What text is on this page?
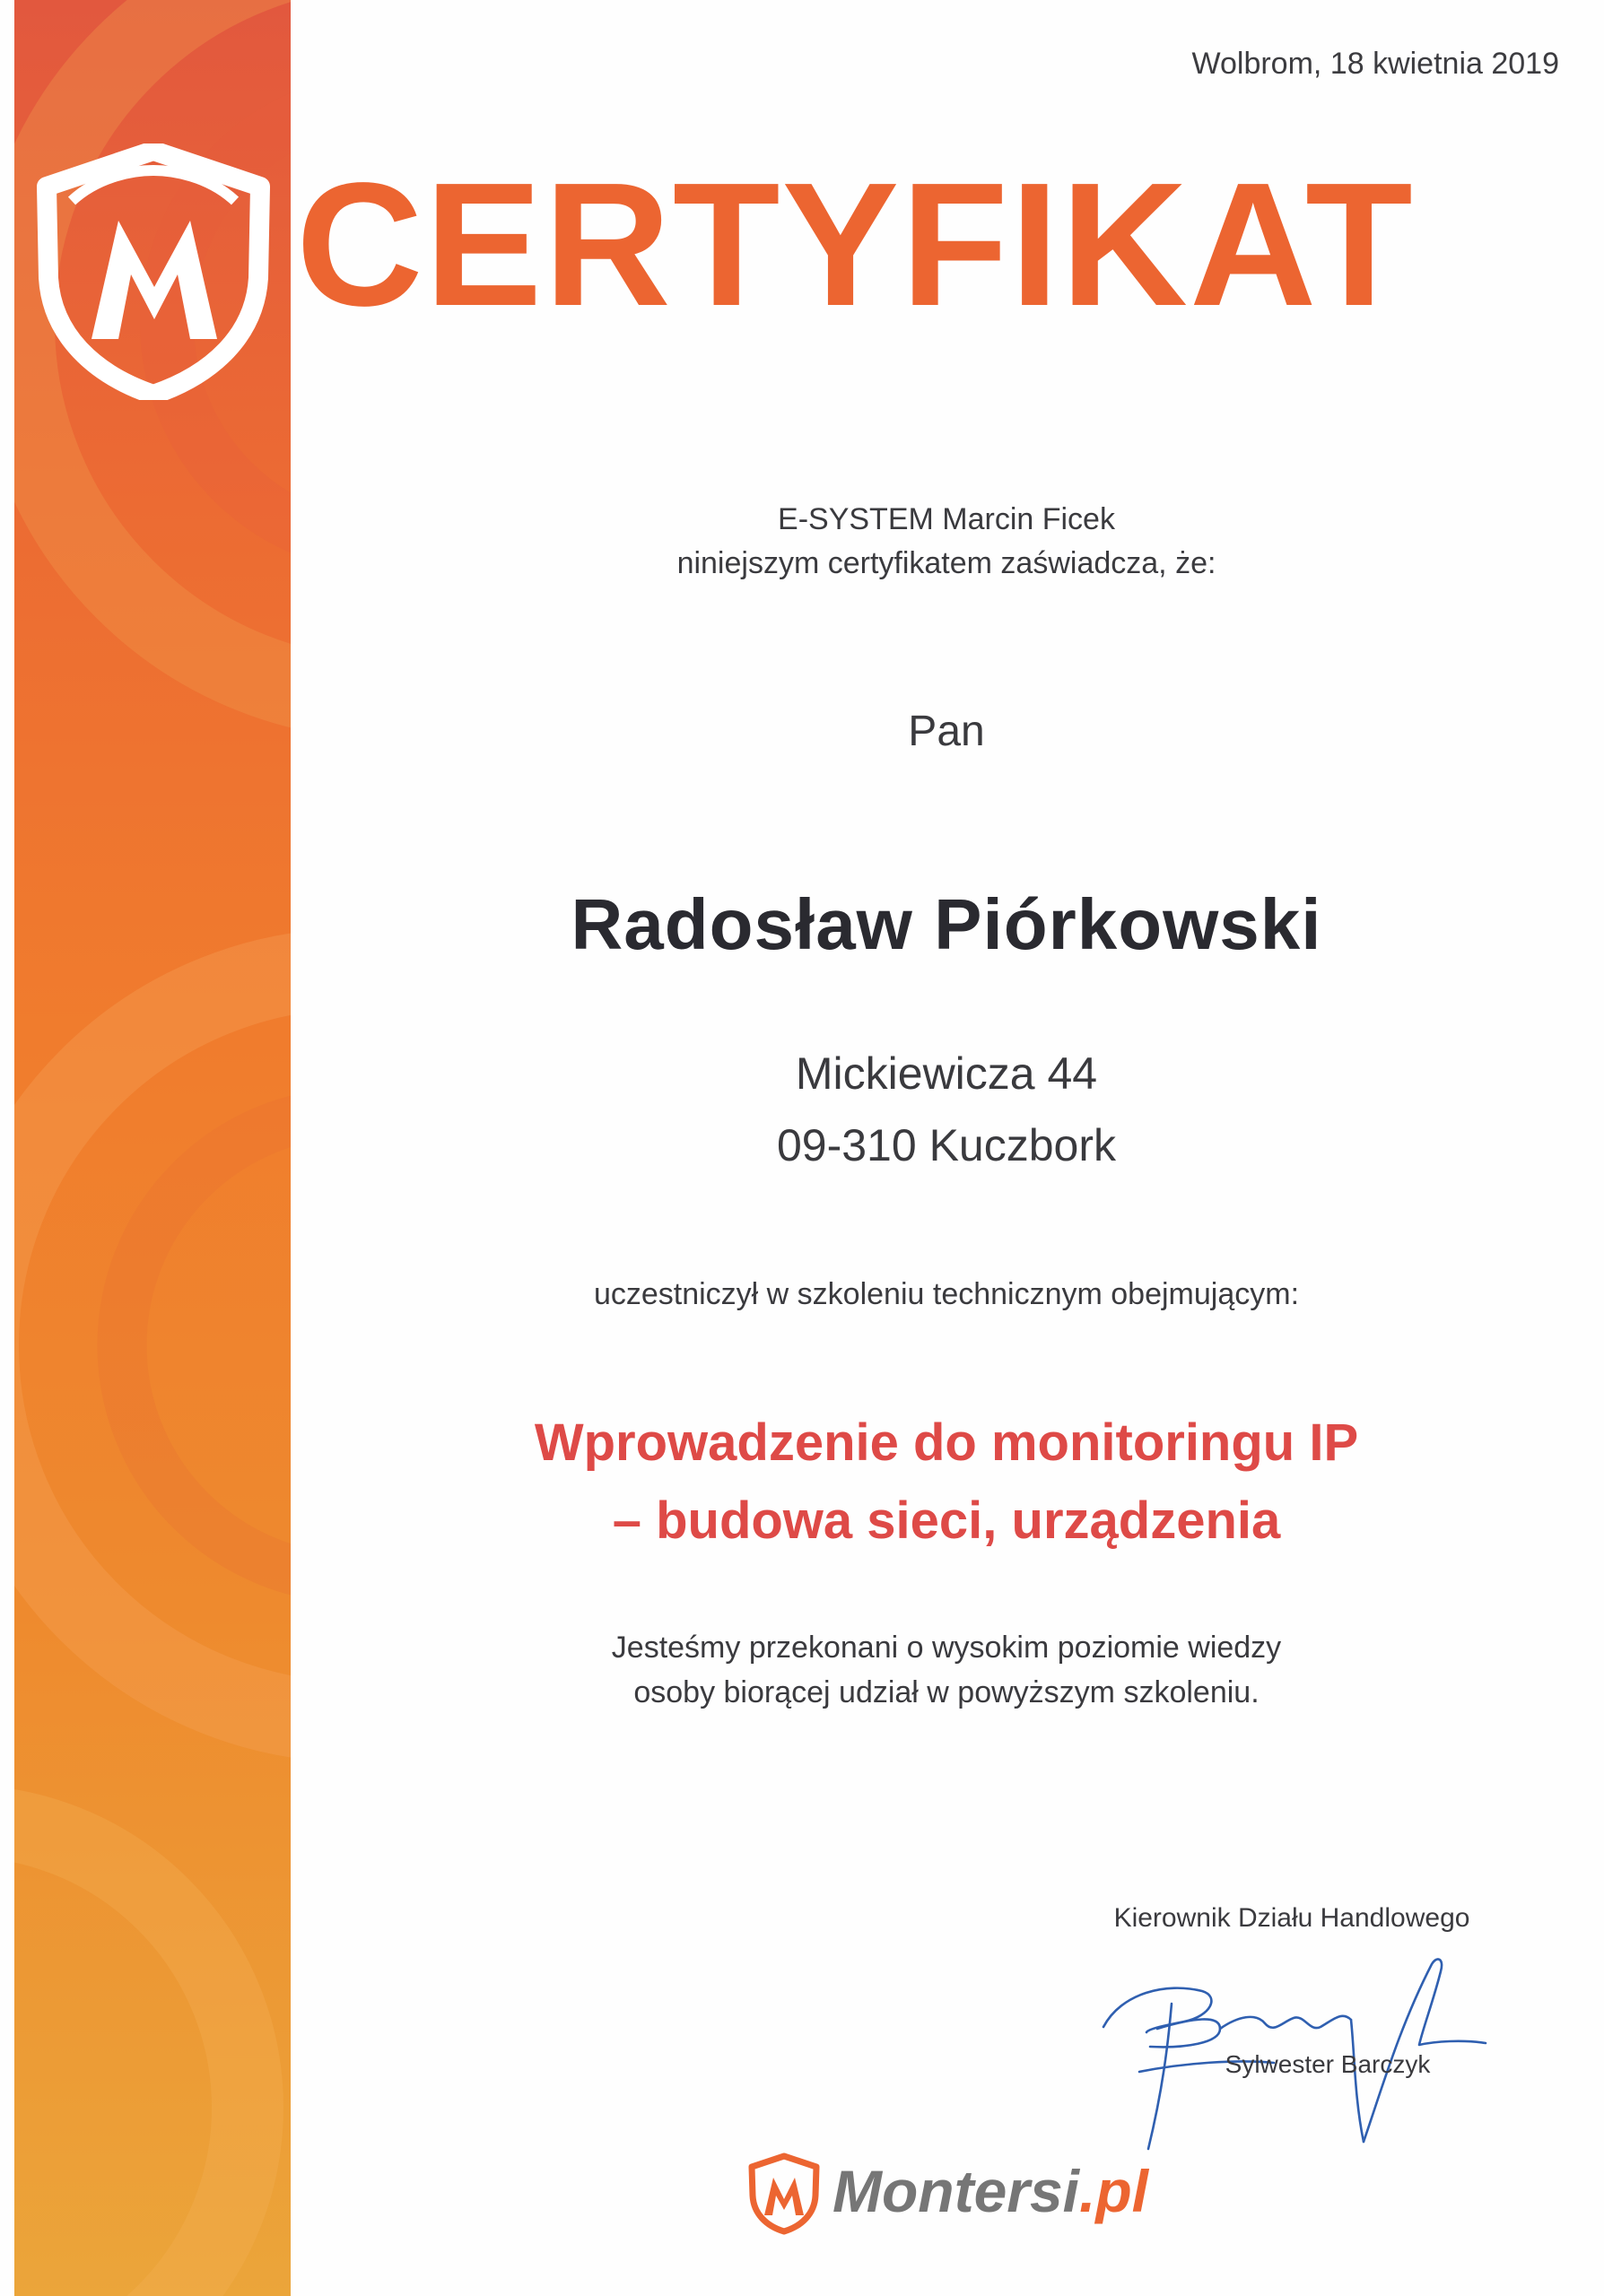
CERTYFIKAT
Wolbrom, 18 kwietnia 2019
E-SYSTEM Marcin Ficek
niniejszym certyfikatem zaświadcza, że:
Pan
Radosław Piórkowski
Mickiewicza 44
09-310 Kuczbork
uczestniczył w szkoleniu technicznym obejmującym:
Wprowadzenie do monitoringu IP
– budowa sieci, urządzenia
Jesteśmy przekonani o wysokim poziomie wiedzy
osoby biorącej udział w powyższym szkoleniu.
Kierownik Działu Handlowego
Sylwester Barczyk
Montersi.pl
